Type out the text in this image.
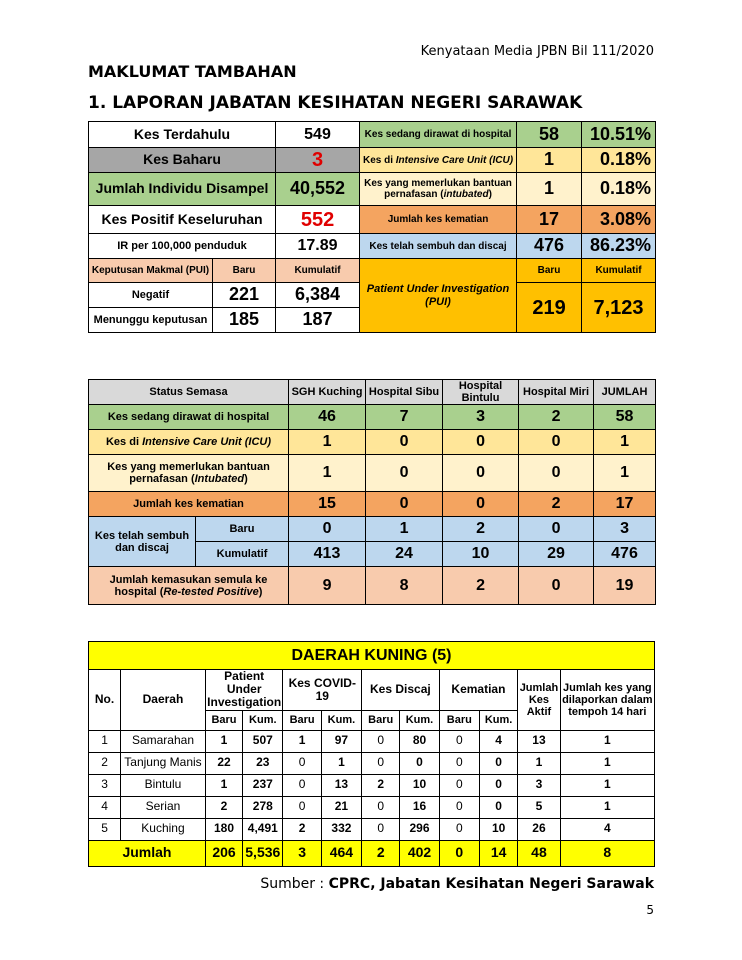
Kenyataan Media JPBN Bil 111/2020
MAKLUMAT TAMBAHAN
1. LAPORAN JABATAN KESIHATAN NEGERI SARAWAK
Kes Terdahulu		549	Kes sedang dirawat di hospital	58	10.51%
Kes Baharu		3	Kes di Intensive Care Unit (ICU)	1	0.18%
Jumlah Individu Disampel		40,552	Kes yang memerlukan bantuan pernafasan (intubated)	1	0.18%
Kes Positif Keseluruhan		552	Jumlah kes kematian	17	3.08%
IR per 100,000 penduduk		17.89	Kes telah sembuh dan discaj	476	86.23%
Keputusan Makmal (PUI)	Baru	Kumulatif	Patient Under Investigation (PUI)	Baru	Kumulatif
Negatif	221	6,384		219	7,123
Menunggu keputusan	185	187			
Status Semasa		SGH Kuching	Hospital Sibu	Hospital Bintulu	Hospital Miri	JUMLAH
Kes sedang dirawat di hospital		46	7	3	2	58
Kes di Intensive Care Unit (ICU)		1	0	0	0	1
Kes yang memerlukan bantuan pernafasan (Intubated)		1	0	0	0	1
Jumlah kes kematian		15	0	0	2	17
Kes telah sembuh dan discaj	Baru	0	1	2	0	3
	Kumulatif	413	24	10	29	476
Jumlah kemasukan semula ke hospital (Re-tested Positive)		9	8	2	0	19
DAERAH KUNING (5)											
No.	Daerah	Patient Under Investigation		Kes COVID-19		Kes Discaj		Kematian		Jumlah Kes Aktif	Jumlah kes yang dilaporkan dalam tempoh 14 hari
		Baru	Kum.	Baru	Kum.	Baru	Kum.	Baru	Kum.		
1	Samarahan	1	507	1	97	0	80	0	4	13	1
2	Tanjung Manis	22	23	0	1	0	0	0	0	1	1
3	Bintulu	1	237	0	13	2	10	0	0	3	1
4	Serian	2	278	0	21	0	16	0	0	5	1
5	Kuching	180	4,491	2	332	0	296	0	10	26	4
Jumlah		206	5,536	3	464	2	402	0	14	48	8
Sumber : CPRC, Jabatan Kesihatan Negeri Sarawak
5
